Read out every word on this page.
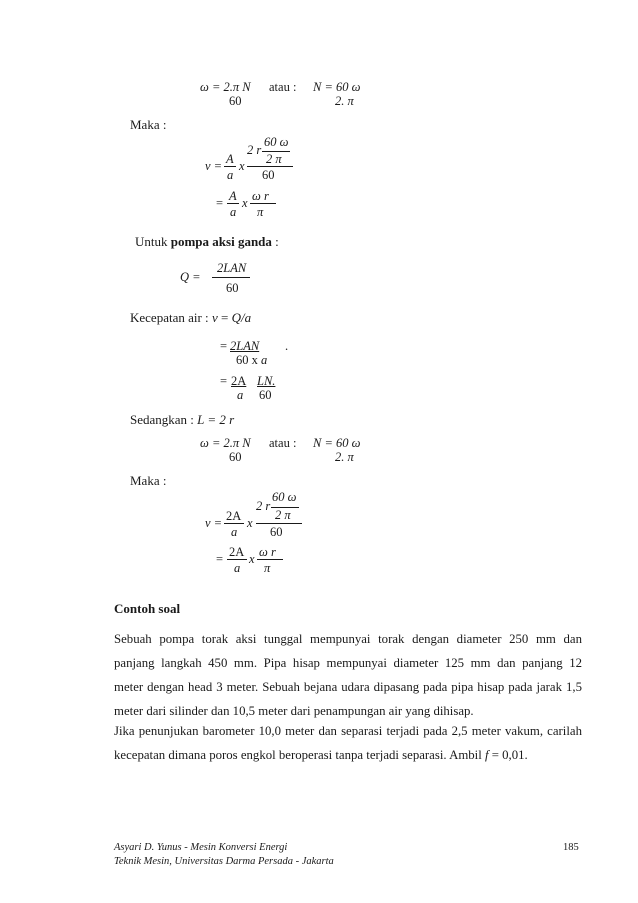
ω = 2.π N
60
atau : N = 60 ω
2. π
Maka :
60 ω
2 r
2 π
v = A
a
x
60
= A
a
x ω r
π
Untuk pompa aksi ganda :
2LAN
Q =
60
Kecepatan air : v = Q/a
= 2LAN .
60 x a
= 2A LN.
a 60
Sedangkan : L = 2 r
ω = 2.π N
60
atau : N = 60 ω
2. π
Maka :
60 ω
2 r
2 π
v = 2A
a
x
60
= 2A
a
x ω r
π
Contoh soal
Sebuah pompa torak aksi tunggal mempunyai torak dengan diameter 250 mm dan
panjang langkah 450 mm. Pipa hisap mempunyai diameter 125 mm dan panjang 12
meter dengan head 3 meter. Sebuah bejana udara dipasang pada pipa hisap pada jarak 1,5
meter dari silinder dan 10,5 meter dari penampungan air yang dihisap.
Jika penunjukan barometer 10,0 meter dan separasi terjadi pada 2,5 meter vakum, carilah
kecepatan dimana poros engkol beroperasi tanpa terjadi separasi. Ambil f = 0,01.
Asyari D. Yunus - Mesin Konversi Energi
Teknik Mesin, Universitas Darma Persada - Jakarta
185
